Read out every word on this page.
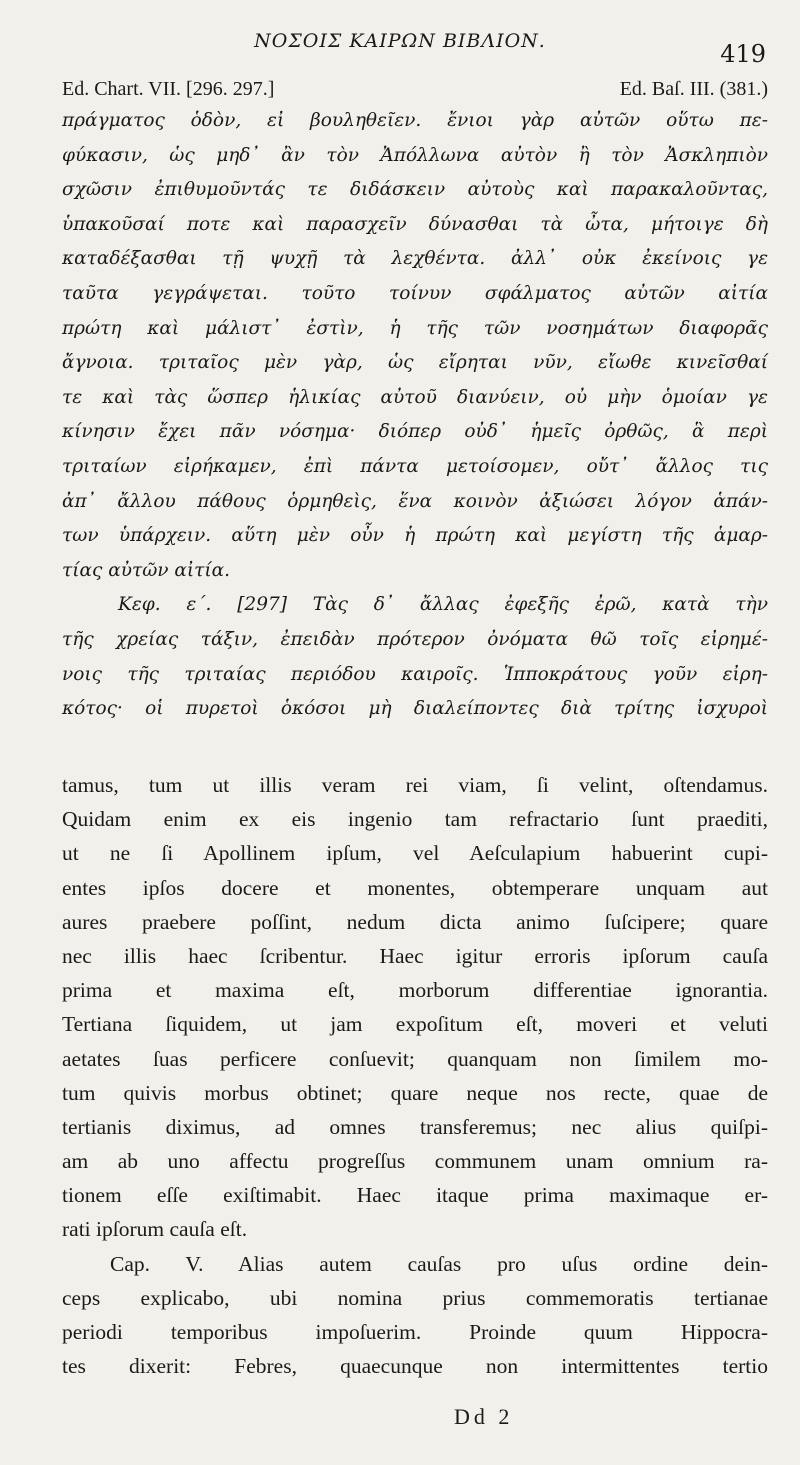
ΝΟΣΟΙΣ ΚΑΙΡΩΝ ΒΙΒΛΙΟΝ.	419
Ed. Chart. VII. [296. 297.]	Ed. Baſ. III. (381.)
πράγματος ὁδὸν, εἰ βουληθεῖεν. ἔνιοι γὰρ αὐτῶν οὕτω πε-
φύκασιν, ὡς μηδ᾽ ἂν τὸν Ἀπόλλωνα αὐτὸν ἢ τὸν Ἀσκληπιὸν
σχῶσιν ἐπιθυμοῦντάς τε διδάσκειν αὐτοὺς καὶ παρακαλοῦντας,
ὑπακοῦσαί ποτε καὶ παρασχεῖν δύνασθαι τὰ ὦτα, μήτοιγε δὴ
καταδέξασθαι τῇ ψυχῇ τὰ λεχθέντα. ἀλλ᾽ οὐκ ἐκείνοις γε
ταῦτα γεγράψεται. τοῦτο τοίνυν σφάλματος αὐτῶν αἰτία
πρώτη καὶ μάλιστ᾽ ἐστὶν, ἡ τῆς τῶν νοσημάτων διαφορᾶς
ἄγνοια. τριταῖος μὲν γὰρ, ὡς εἴρηται νῦν, εἴωθε κινεῖσθαί
τε καὶ τὰς ὥσπερ ἡλικίας αὐτοῦ διανύειν, οὐ μὴν ὁμοίαν γε
κίνησιν ἔχει πᾶν νόσημα· διόπερ οὐδ᾽ ἡμεῖς ὀρθῶς, ἃ περὶ
τριταίων εἰρήκαμεν, ἐπὶ πάντα μετοίσομεν, οὔτ᾽ ἄλλος τις
ἀπ᾽ ἄλλου πάθους ὁρμηθεὶς, ἕνα κοινὸν ἀξιώσει λόγον ἁπάν-
των ὑπάρχειν. αὕτη μὲν οὖν ἡ πρώτη καὶ μεγίστη τῆς ἁμαρ-
τίας αὐτῶν αἰτία.
Κεφ. ε΄. [297] Τὰς δ᾽ ἄλλας ἐφεξῆς ἐρῶ, κατὰ τὴν
τῆς χρείας τάξιν, ἐπειδὰν πρότερον ὀνόματα θῶ τοῖς εἰρημέ-
νοις τῆς τριταίας περιόδου καιροῖς. Ἱπποκράτους γοῦν εἰρη-
κότος· οἱ πυρετοὶ ὁκόσοι μὴ διαλείποντες διὰ τρίτης ἰσχυροὶ
tamus, tum ut illis veram rei viam, ſi velint, oſtendamus.
Quidam enim ex eis ingenio tam refractario ſunt praediti,
ut ne ſi Apollinem ipſum, vel Aeſculapium habuerint cupi-
entes ipſos docere et monentes, obtemperare unquam aut
aures praebere poſſint, nedum dicta animo ſuſcipere; quare
nec illis haec ſcribentur. Haec igitur erroris ipſorum cauſa
prima et maxima eſt, morborum differentiae ignorantia.
Tertiana ſiquidem, ut jam expoſitum eſt, moveri et veluti
aetates ſuas perficere conſuevit; quanquam non ſimilem mo-
tum quivis morbus obtinet; quare neque nos recte, quae de
tertianis diximus, ad omnes transferemus; nec alius quiſpi-
am ab uno affectu progreſſus communem unam omnium ra-
tionem eſſe exiſtimabit. Haec itaque prima maximaque er-
rati ipſorum cauſa eſt.
Cap. V. Alias autem cauſas pro uſus ordine dein-
ceps explicabo, ubi nomina prius commemoratis tertianae
periodi temporibus impoſuerim. Proinde quum Hippocra-
tes dixerit: Febres, quaecunque non intermittentes tertio
Dd 2
